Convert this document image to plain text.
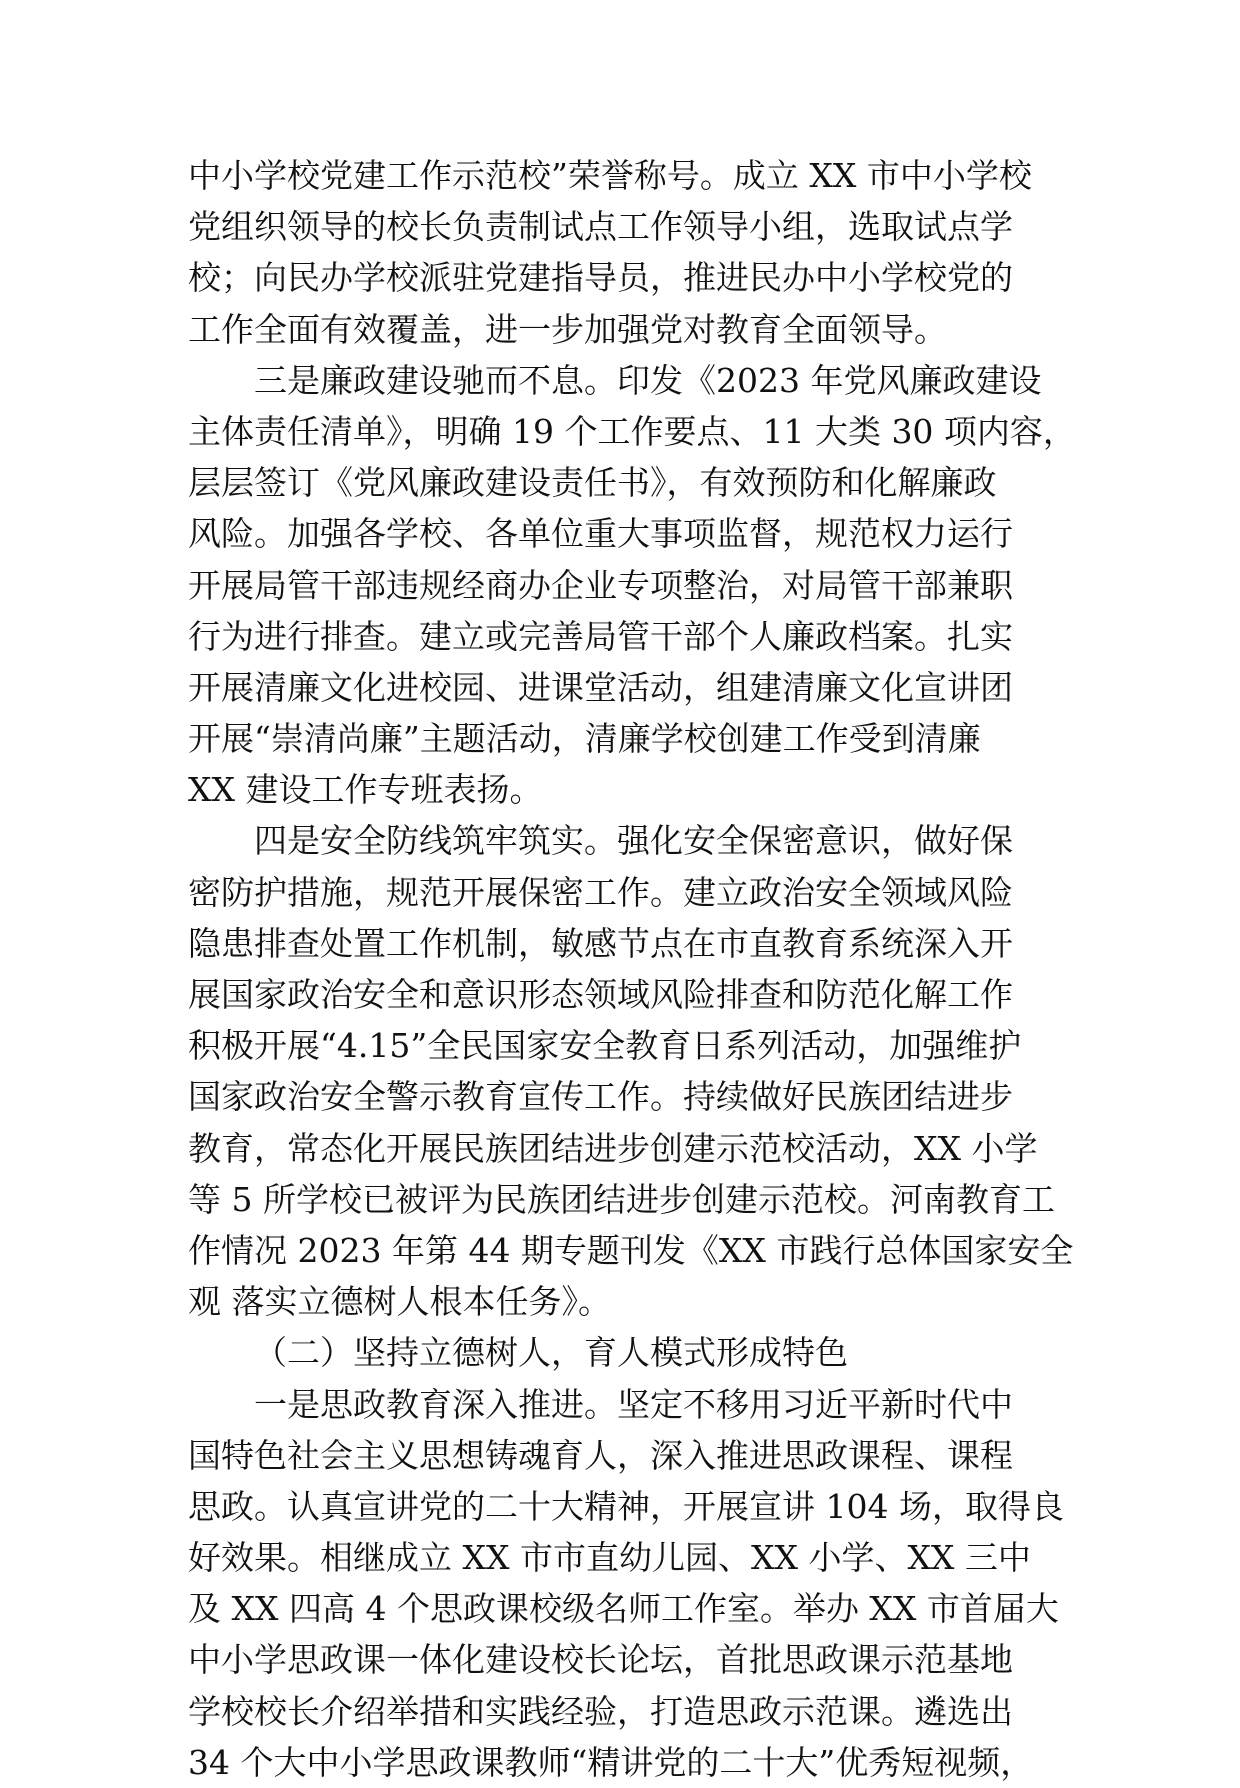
中小学校党建工作示范校”荣誉称号。成立 XX 市中小学校
党组织领导的校长负责制试点工作领导小组，选取试点学
校；向民办学校派驻党建指导员，推进民办中小学校党的
工作全面有效覆盖，进一步加强党对教育全面领导。
三是廉政建设驰而不息。印发《2023 年党风廉政建设
主体责任清单》，明确 19 个工作要点、11 大类 30 项内容，
层层签订《党风廉政建设责任书》，有效预防和化解廉政
风险。加强各学校、各单位重大事项监督，规范权力运行
开展局管干部违规经商办企业专项整治，对局管干部兼职
行为进行排查。建立或完善局管干部个人廉政档案。扎实
开展清廉文化进校园、进课堂活动，组建清廉文化宣讲团
开展“崇清尚廉”主题活动，清廉学校创建工作受到清廉
XX 建设工作专班表扬。
四是安全防线筑牢筑实。强化安全保密意识，做好保
密防护措施，规范开展保密工作。建立政治安全领域风险
隐患排查处置工作机制，敏感节点在市直教育系统深入开
展国家政治安全和意识形态领域风险排查和防范化解工作
积极开展“4.15”全民国家安全教育日系列活动，加强维护
国家政治安全警示教育宣传工作。持续做好民族团结进步
教育，常态化开展民族团结进步创建示范校活动，XX 小学
等 5 所学校已被评为民族团结进步创建示范校。河南教育工
作情况 2023 年第 44 期专题刊发《XX 市践行总体国家安全
观 落实立德树人根本任务》。
（二）坚持立德树人，育人模式形成特色
一是思政教育深入推进。坚定不移用习近平新时代中
国特色社会主义思想铸魂育人，深入推进思政课程、课程
思政。认真宣讲党的二十大精神，开展宣讲 104 场，取得良
好效果。相继成立 XX 市市直幼儿园、XX 小学、XX 三中
及 XX 四高 4 个思政课校级名师工作室。举办 XX 市首届大
中小学思政课一体化建设校长论坛，首批思政课示范基地
学校校长介绍举措和实践经验，打造思政示范课。遴选出
34 个大中小学思政课教师“精讲党的二十大”优秀短视频，
